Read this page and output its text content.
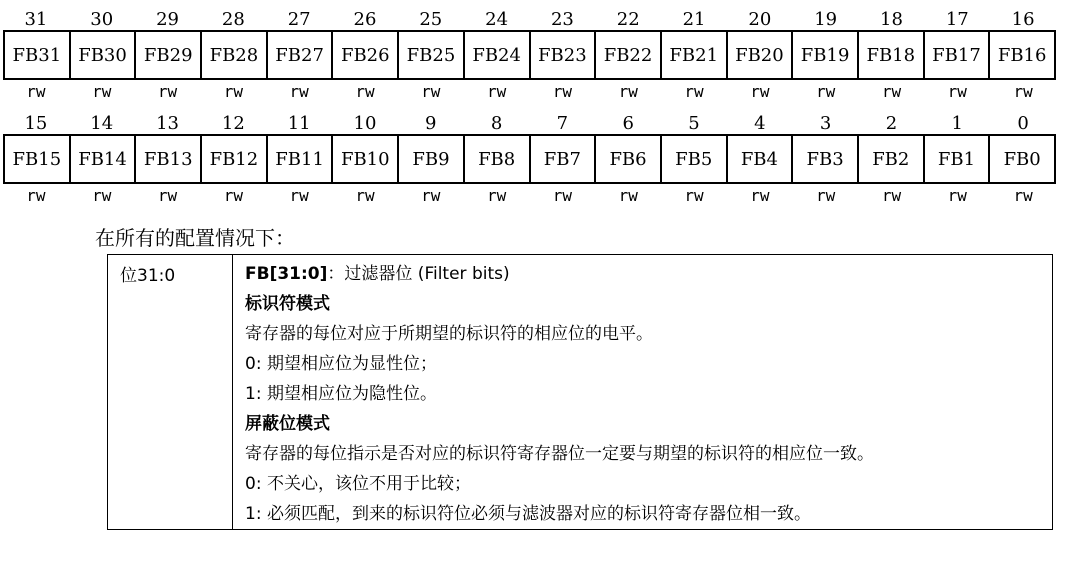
31	30	29	28	27	26	25	24	23	22	21	20	19	18	17	16
FB31 FB30 FB29 FB28 FB27 FB26 FB25 FB24 FB23 FB22 FB21 FB20 FB19 FB18 FB17 FB16
rw	rw	rw	rw	rw	rw	rw	rw	rw	rw	rw	rw	rw	rw	rw	rw
15	14	13	12	11	10	9	8	7	6	5	4	3	2	1	0
FB15 FB14 FB13 FB12 FB11 FB10	FB9	FB8	FB7	FB6	FB5	FB4	FB3	FB2	FB1	FB0
rw	rw	rw	rw	rw	rw	rw	rw	rw	rw	rw	rw	rw	rw	rw	rw
在所有的配置情况下：
位31:0	FB[31:0]：过滤器位 (Filter bits)
标识符模式
寄存器的每位对应于所期望的标识符的相应位的电平。
0: 期望相应位为显性位；
1: 期望相应位为隐性位。
屏蔽位模式
寄存器的每位指示是否对应的标识符寄存器位一定要与期望的标识符的相应位一致。
0: 不关心，该位不用于比较；
1: 必须匹配，到来的标识符位必须与滤波器对应的标识符寄存器位相一致。
